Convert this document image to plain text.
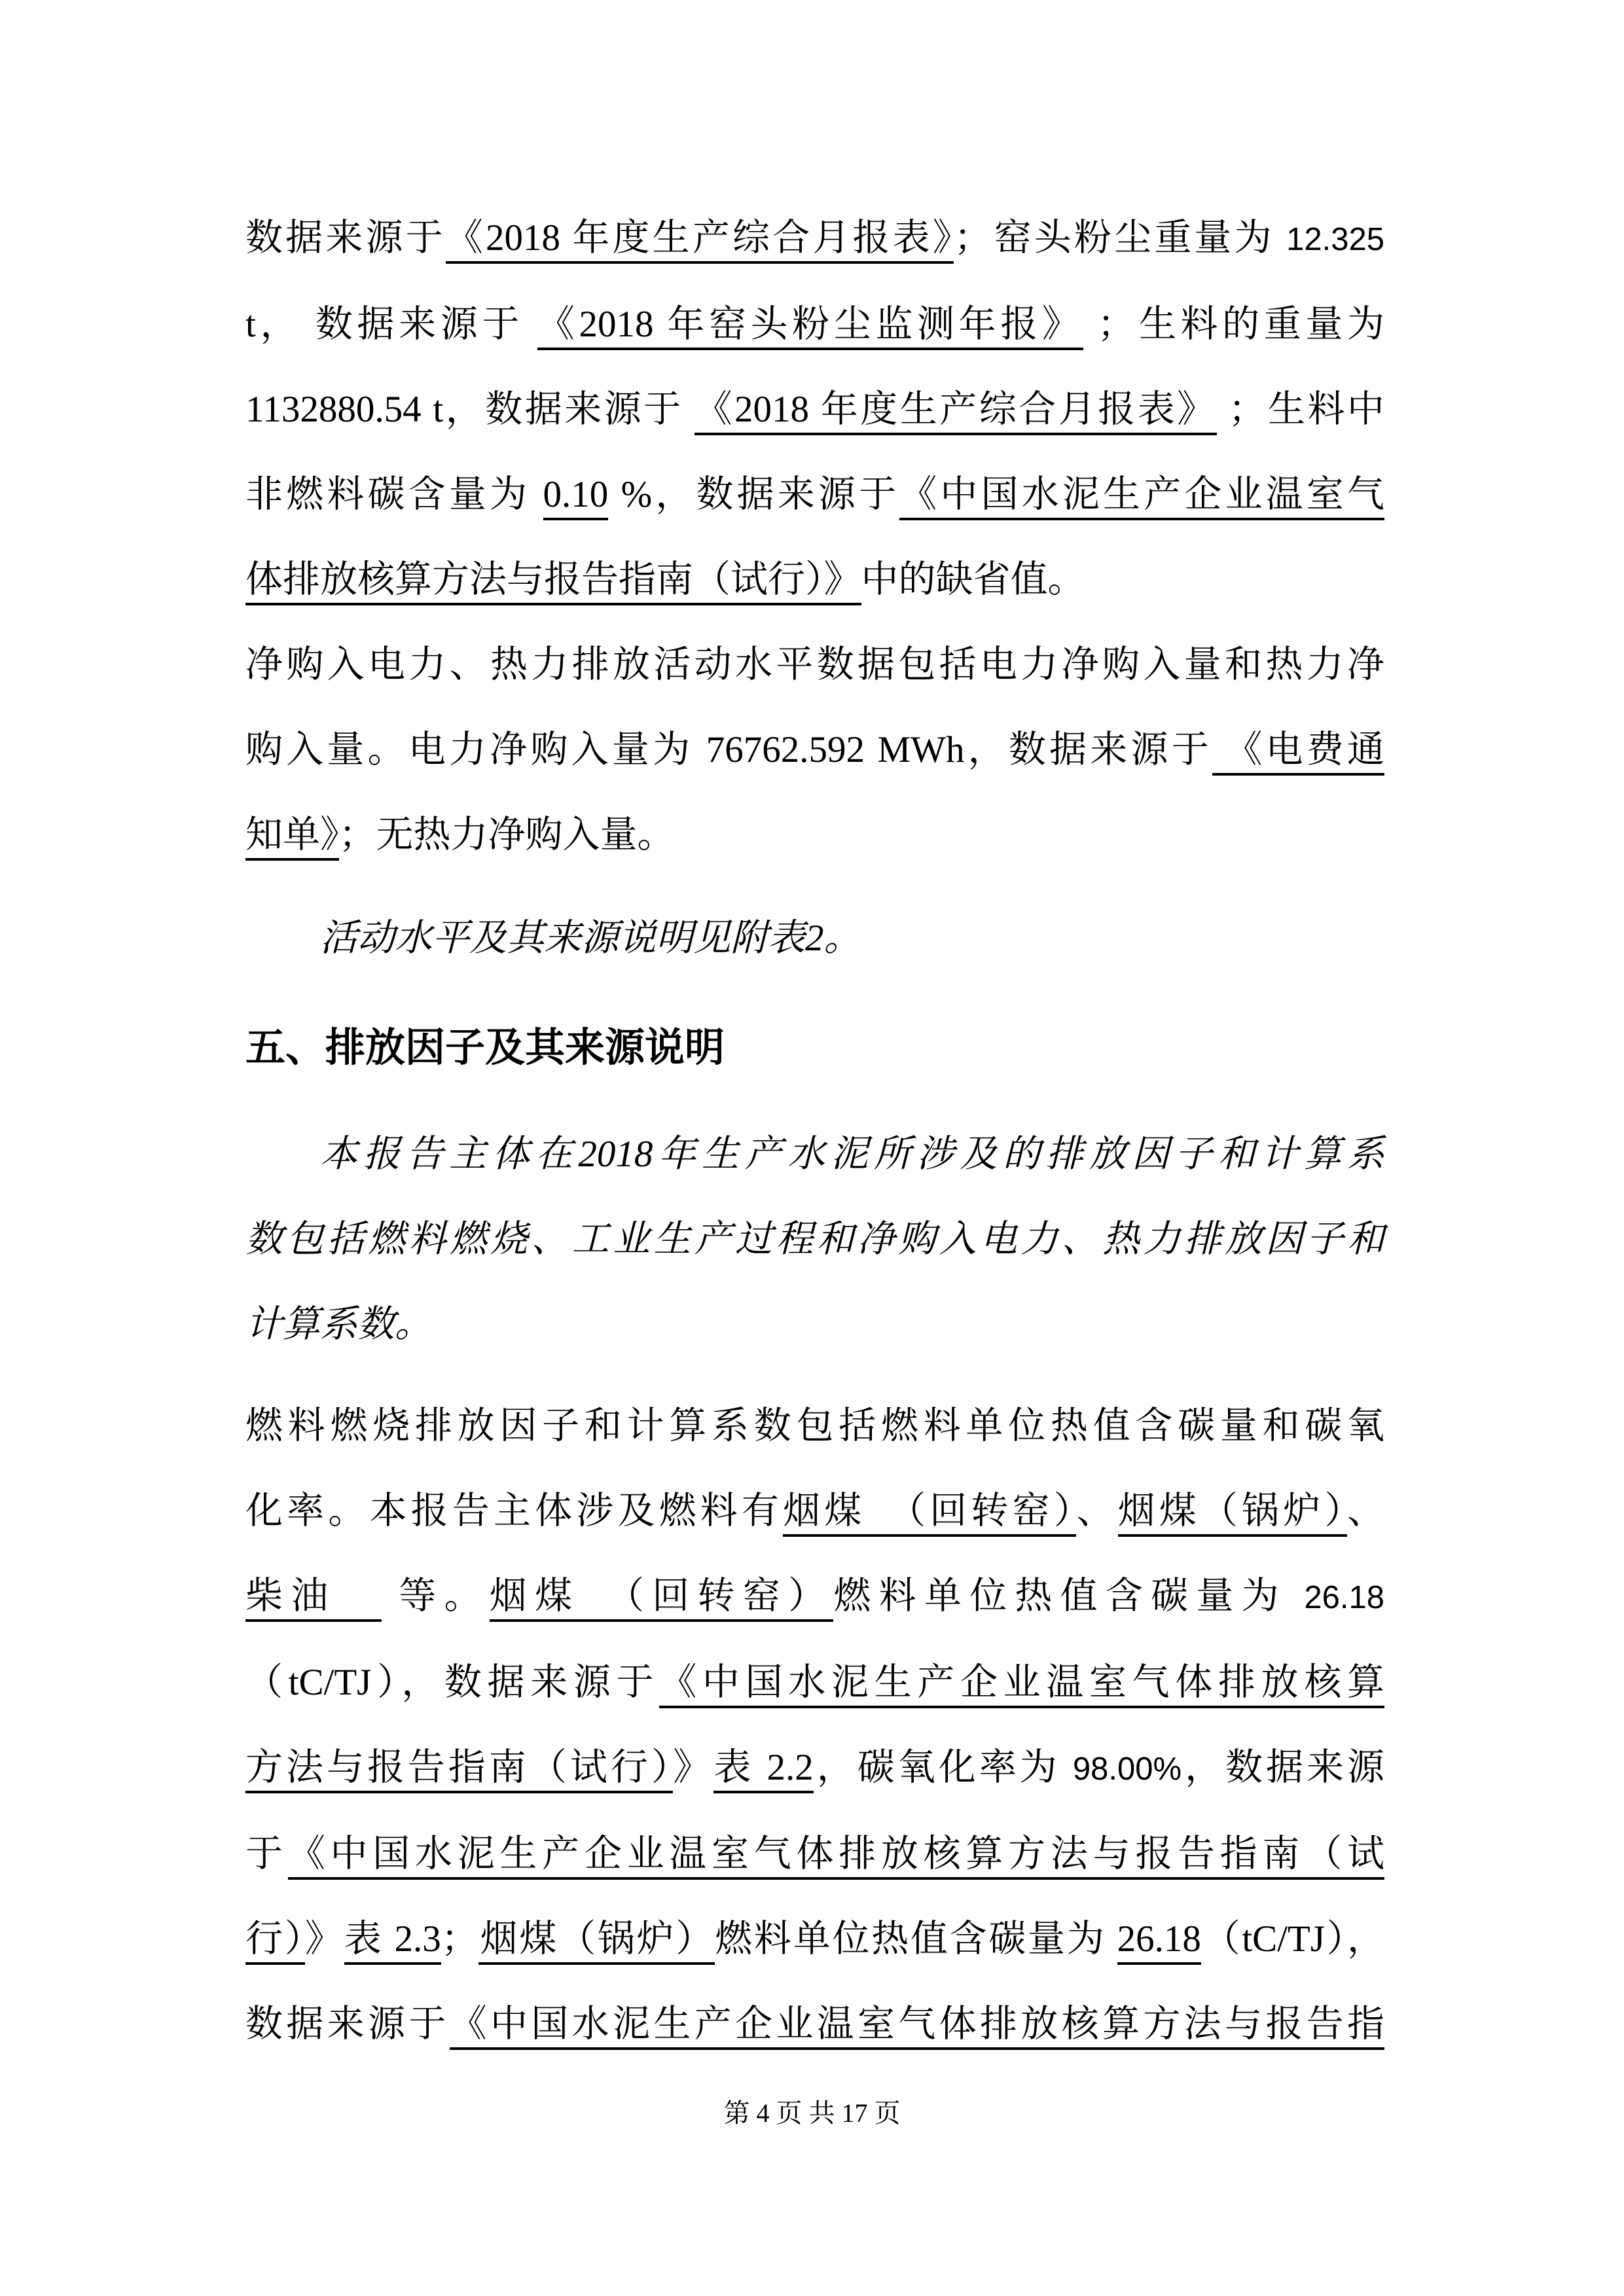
数据来源于《2018 年度生产综合月报表》；窑头粉尘重量为 12.325
t， 数据来源于 《2018 年窑头粉尘监测年报》 ；生料的重量为
1132880.54 t，数据来源于 《2018 年度生产综合月报表》 ；生料中
非燃料碳含量为 0.10 %，数据来源于《中国水泥生产企业温室气
体排放核算方法与报告指南（试行）》中的缺省值。
净购入电力、热力排放活动水平数据包括电力净购入量和热力净
购入量。电力净购入量为 76762.592 MWh，数据来源于 《电费通
知单》；无热力净购入量。
活动水平及其来源说明见附表2。
五、排放因子及其来源说明
本报告主体在2018年生产水泥所涉及的排放因子和计算系
数包括燃料燃烧、工业生产过程和净购入电力、热力排放因子和
计算系数。
燃料燃烧排放因子和计算系数包括燃料单位热值含碳量和碳氧
化率。本报告主体涉及燃料有烟煤　（回转窑）、烟煤（锅炉）、
柴油　 等。烟煤　（回转窑）燃料单位热值含碳量为 26.18
（tC/TJ），数据来源于《中国水泥生产企业温室气体排放核算
方法与报告指南（试行）》表 2.2，碳氧化率为 98.00%，数据来源
于《中国水泥生产企业温室气体排放核算方法与报告指南（试
行）》表 2.3；烟煤（锅炉）燃料单位热值含碳量为 26.18（tC/TJ），
数据来源于《中国水泥生产企业温室气体排放核算方法与报告指
第 4 页 共 17 页
